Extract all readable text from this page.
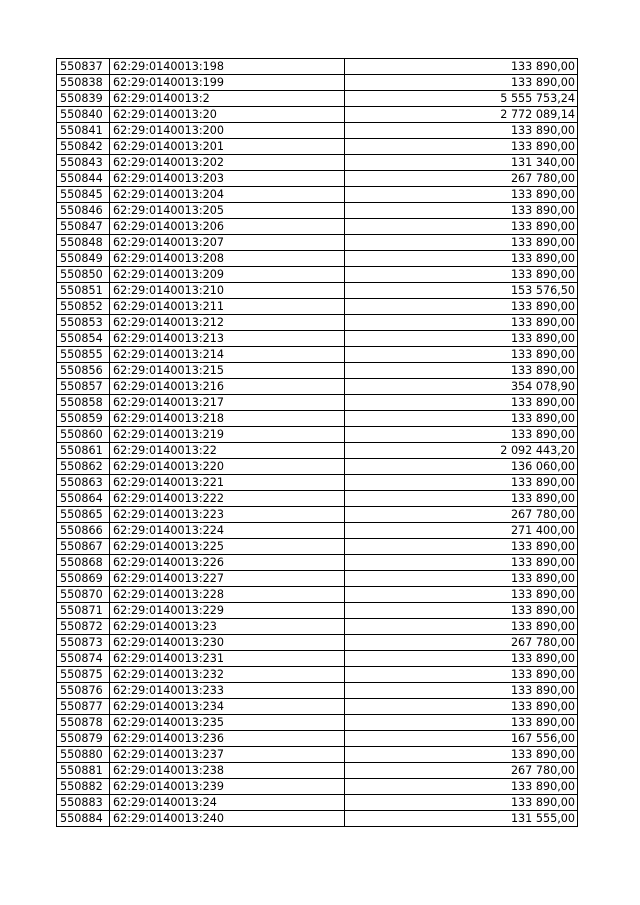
550837	62:29:0140013:198	133 890,00
550838	62:29:0140013:199	133 890,00
550839	62:29:0140013:2	5 555 753,24
550840	62:29:0140013:20	2 772 089,14
550841	62:29:0140013:200	133 890,00
550842	62:29:0140013:201	133 890,00
550843	62:29:0140013:202	131 340,00
550844	62:29:0140013:203	267 780,00
550845	62:29:0140013:204	133 890,00
550846	62:29:0140013:205	133 890,00
550847	62:29:0140013:206	133 890,00
550848	62:29:0140013:207	133 890,00
550849	62:29:0140013:208	133 890,00
550850	62:29:0140013:209	133 890,00
550851	62:29:0140013:210	153 576,50
550852	62:29:0140013:211	133 890,00
550853	62:29:0140013:212	133 890,00
550854	62:29:0140013:213	133 890,00
550855	62:29:0140013:214	133 890,00
550856	62:29:0140013:215	133 890,00
550857	62:29:0140013:216	354 078,90
550858	62:29:0140013:217	133 890,00
550859	62:29:0140013:218	133 890,00
550860	62:29:0140013:219	133 890,00
550861	62:29:0140013:22	2 092 443,20
550862	62:29:0140013:220	136 060,00
550863	62:29:0140013:221	133 890,00
550864	62:29:0140013:222	133 890,00
550865	62:29:0140013:223	267 780,00
550866	62:29:0140013:224	271 400,00
550867	62:29:0140013:225	133 890,00
550868	62:29:0140013:226	133 890,00
550869	62:29:0140013:227	133 890,00
550870	62:29:0140013:228	133 890,00
550871	62:29:0140013:229	133 890,00
550872	62:29:0140013:23	133 890,00
550873	62:29:0140013:230	267 780,00
550874	62:29:0140013:231	133 890,00
550875	62:29:0140013:232	133 890,00
550876	62:29:0140013:233	133 890,00
550877	62:29:0140013:234	133 890,00
550878	62:29:0140013:235	133 890,00
550879	62:29:0140013:236	167 556,00
550880	62:29:0140013:237	133 890,00
550881	62:29:0140013:238	267 780,00
550882	62:29:0140013:239	133 890,00
550883	62:29:0140013:24	133 890,00
550884	62:29:0140013:240	131 555,00
